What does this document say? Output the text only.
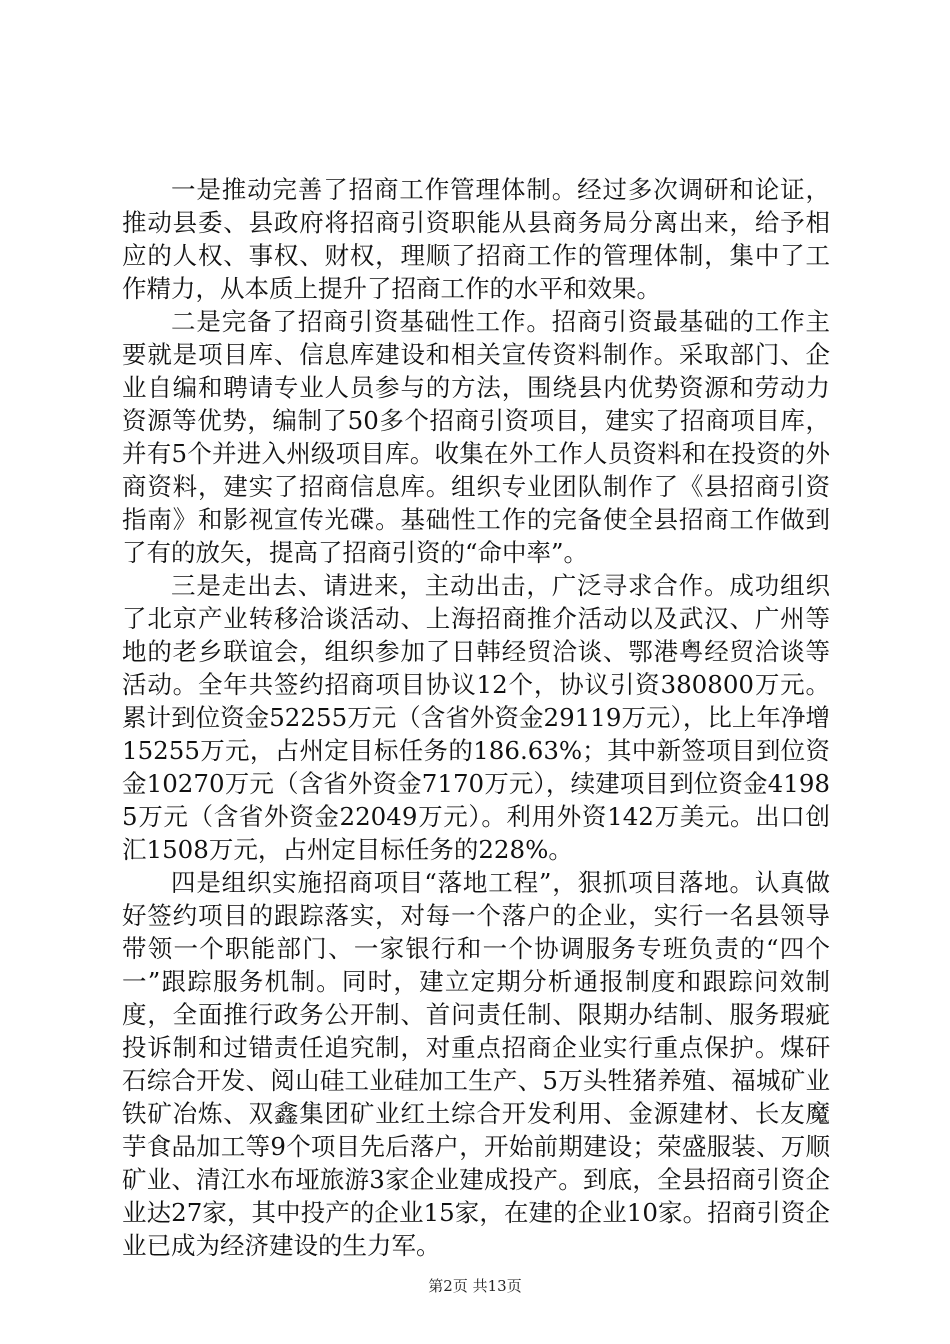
一是推动完善了招商工作管理体制。经过多次调研和论证，推动县委、县政府将招商引资职能从县商务局分离出来，给予相应的人权、事权、财权，理顺了招商工作的管理体制，集中了工作精力，从本质上提升了招商工作的水平和效果。

二是完备了招商引资基础性工作。招商引资最基础的工作主要就是项目库、信息库建设和相关宣传资料制作。采取部门、企业自编和聘请专业人员参与的方法，围绕县内优势资源和劳动力资源等优势，编制了50多个招商引资项目，建实了招商项目库，并有5个并进入州级项目库。收集在外工作人员资料和在投资的外商资料，建实了招商信息库。组织专业团队制作了《县招商引资指南》和影视宣传光碟。基础性工作的完备使全县招商工作做到了有的放矢，提高了招商引资的“命中率”。

三是走出去、请进来，主动出击，广泛寻求合作。成功组织了北京产业转移洽谈活动、上海招商推介活动以及武汉、广州等地的老乡联谊会，组织参加了日韩经贸洽谈、鄂港粤经贸洽谈等活动。全年共签约招商项目协议12个，协议引资380800万元。累计到位资金52255万元（含省外资金29119万元），比上年净增15255万元，占州定目标任务的186.63%；其中新签项目到位资金10270万元（含省外资金7170万元），续建项目到位资金41985万元（含省外资金22049万元）。利用外资142万美元。出口创汇1508万元，占州定目标任务的228%。

四是组织实施招商项目“落地工程”，狠抓项目落地。认真做好签约项目的跟踪落实，对每一个落户的企业，实行一名县领导带领一个职能部门、一家银行和一个协调服务专班负责的“四个一”跟踪服务机制。同时，建立定期分析通报制度和跟踪问效制度，全面推行政务公开制、首问责任制、限期办结制、服务瑕疵投诉制和过错责任追究制，对重点招商企业实行重点保护。煤矸石综合开发、阅山硅工业硅加工生产、5万头牲猪养殖、福城矿业铁矿冶炼、双鑫集团矿业红土综合开发利用、金源建材、长友魔芋食品加工等9个项目先后落户，开始前期建设；荣盛服装、万顺矿业、清江水布垭旅游3家企业建成投产。到底，全县招商引资企业达27家，其中投产的企业15家，在建的企业10家。招商引资企业已成为经济建设的生力军。

第2页 共13页
